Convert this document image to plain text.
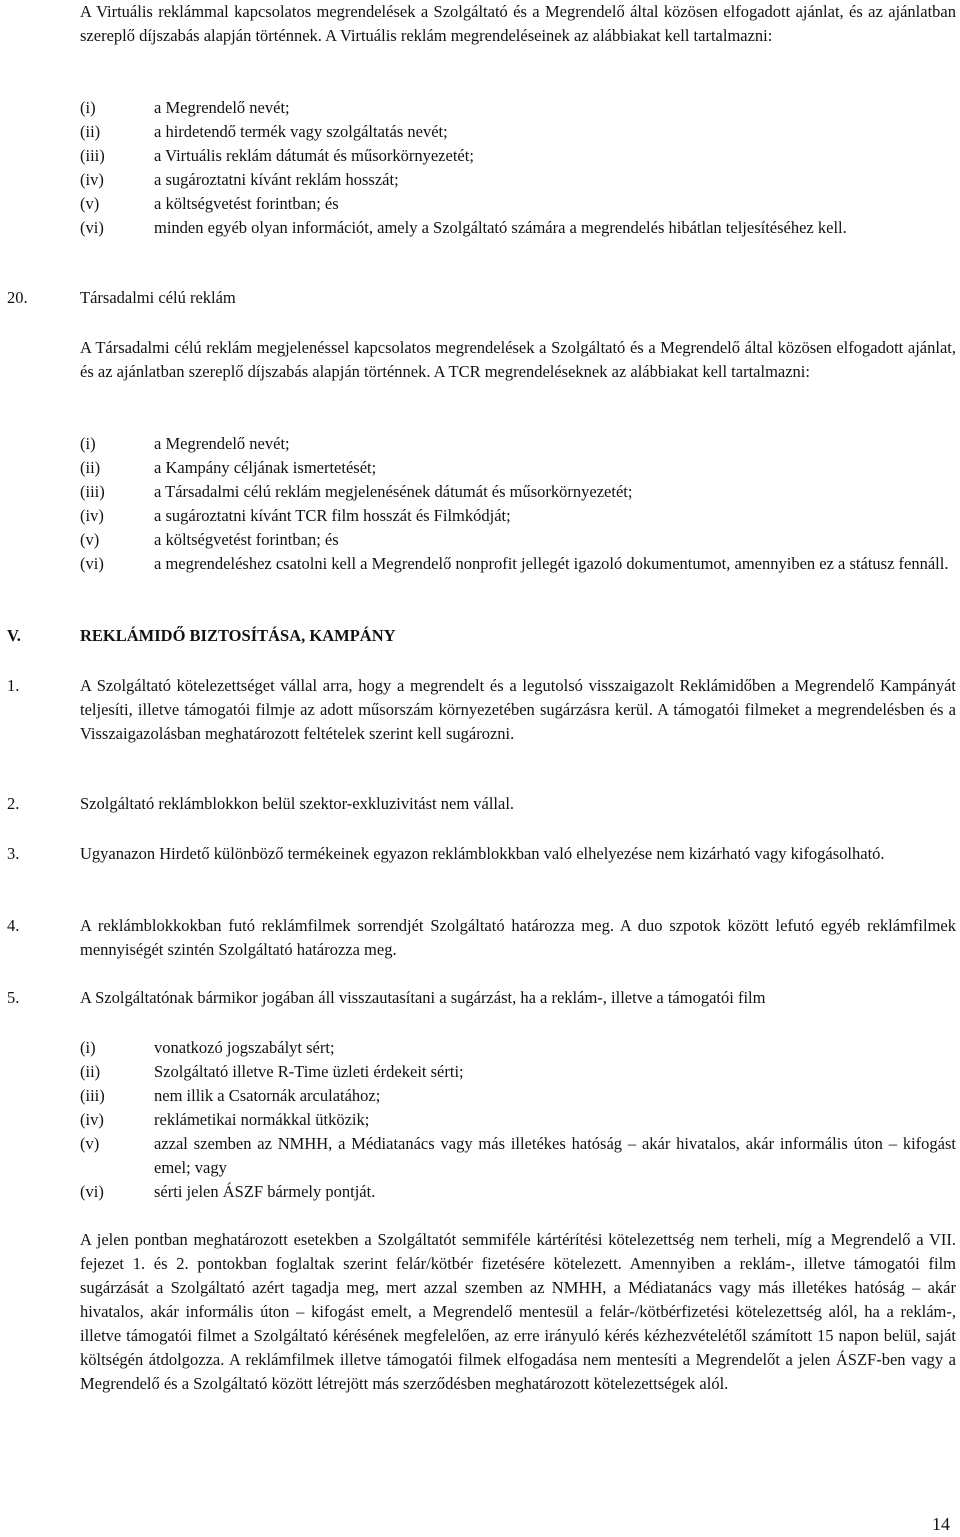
A Virtuális reklámmal kapcsolatos megrendelések a Szolgáltató és a Megrendelő által közösen elfogadott ajánlat, és az ajánlatban szereplő díjszabás alapján történnek. A Virtuális reklám megrendeléseinek az alábbiakat kell tartalmazni:

(i)	a Megrendelő nevét;
(ii)	a hirdetendő termék vagy szolgáltatás nevét;
(iii)	a Virtuális reklám dátumát és műsorkörnyezetét;
(iv)	a sugároztatni kívánt reklám hosszát;
(v)	a költségvetést forintban; és
(vi)	minden egyéb olyan információt, amely a Szolgáltató számára a megrendelés hibátlan teljesítéséhez kell.
20.	Társadalmi célú reklám

A Társadalmi célú reklám megjelenéssel kapcsolatos megrendelések a Szolgáltató és a Megrendelő által közösen elfogadott ajánlat, és az ajánlatban szereplő díjszabás alapján történnek. A TCR megrendeléseknek az alábbiakat kell tartalmazni:

(i)	a Megrendelő nevét;
(ii)	a Kampány céljának ismertetését;
(iii)	a Társadalmi célú reklám megjelenésének dátumát és műsorkörnyezetét;
(iv)	a sugároztatni kívánt TCR film hosszát és Filmkódját;
(v)	a költségvetést forintban; és
(vi)	a megrendeléshez csatolni kell a Megrendelő nonprofit jellegét igazoló dokumentumot, amennyiben ez a státusz fennáll.
V.	REKLÁMIDŐ BIZTOSÍTÁSA, KAMPÁNY
1.	A Szolgáltató kötelezettséget vállal arra, hogy a megrendelt és a legutolsó visszaigazolt Reklámidőben a Megrendelő Kampányát teljesíti, illetve támogatói filmje az adott műsorszám környezetében sugárzásra kerül. A támogatói filmeket a megrendelésben és a Visszaigazolásban meghatározott feltételek szerint kell sugározni.
2.	Szolgáltató reklámblokkon belül szektor-exkluzivitást nem vállal.
3.	Ugyanazon Hirdető különböző termékeinek egyazon reklámblokkban való elhelyezése nem kizárható vagy kifogásolható.
4.	A reklámblokkokban futó reklámfilmek sorrendjét Szolgáltató határozza meg. A duo szpotok között lefutó egyéb reklámfilmek mennyiségét szintén Szolgáltató határozza meg.
5.	A Szolgáltatónak bármikor jogában áll visszautasítani a sugárzást, ha a reklám-, illetve a támogatói film
(i)	vonatkozó jogszabályt sért;
(ii)	Szolgáltató illetve R-Time üzleti érdekeit sérti;
(iii)	nem illik a Csatornák arculatához;
(iv)	reklámetikai normákkal ütközik;
(v)	azzal szemben az NMHH, a Médiatanács vagy más illetékes hatóság – akár hivatalos, akár informális úton – kifogást emel; vagy
(vi)	sérti jelen ÁSZF bármely pontját.

A jelen pontban meghatározott esetekben a Szolgáltatót semmiféle kártérítési kötelezettség nem terheli, míg a Megrendelő a VII. fejezet 1. és 2. pontokban foglaltak szerint felár/kötbér fizetésére kötelezett. Amennyiben a reklám-, illetve támogatói film sugárzását a Szolgáltató azért tagadja meg, mert azzal szemben az NMHH, a Médiatanács vagy más illetékes hatóság – akár hivatalos, akár informális úton – kifogást emelt, a Megrendelő mentesül a felár-/kötbérfizetési kötelezettség alól, ha a reklám-, illetve támogatói filmet a Szolgáltató kérésének megfelelően, az erre irányuló kérés kézhezvételétől számított 15 napon belül, saját költségén átdolgozza. A reklámfilmek illetve támogatói filmek elfogadása nem mentesíti a Megrendelőt a jelen ÁSZF-ben vagy a Megrendelő és a Szolgáltató között létrejött más szerződésben meghatározott kötelezettségek alól.

14
